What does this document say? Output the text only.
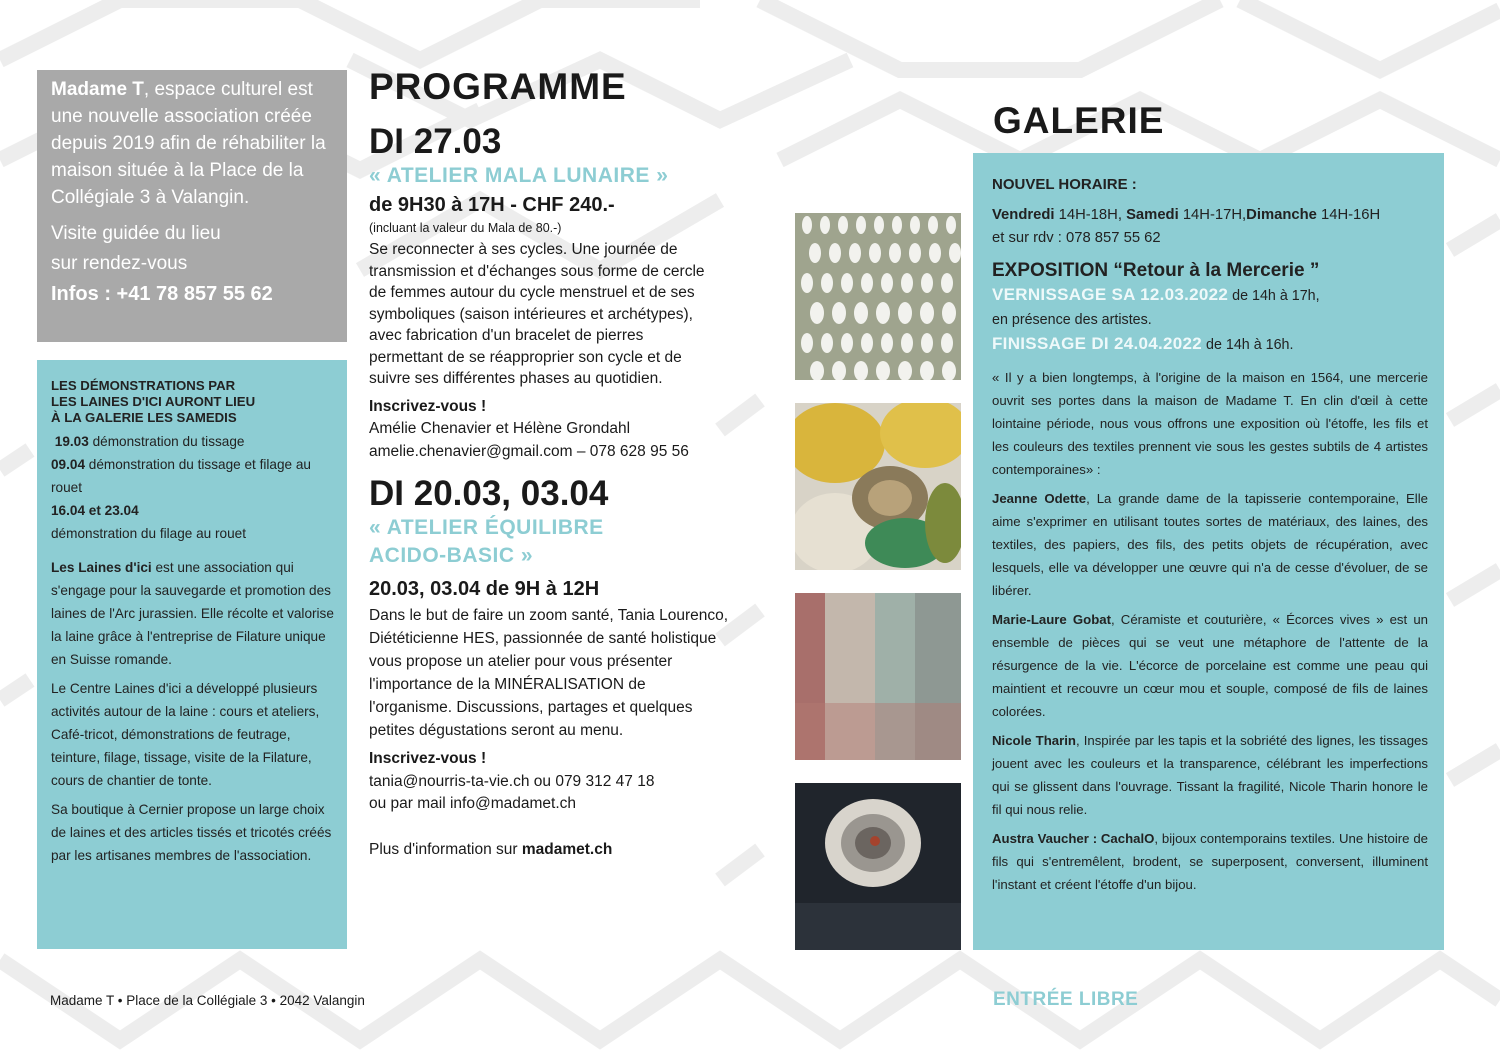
Madame T, espace culturel est une nouvelle association créée depuis 2019 afin de réhabiliter la maison située à la Place de la Collégiale 3 à Valangin.

Visite guidée du lieu
sur rendez-vous
Infos : +41 78 857 55 62

LES DÉMONSTRATIONS PAR
LES LAINES D'ICI AURONT LIEU
À LA GALERIE LES SAMEDIS
19.03 démonstration du tissage
09.04 démonstration du tissage et filage au rouet
16.04 et 23.04
démonstration du filage au rouet

Les Laines d'ici est une association qui s'engage pour la sauvegarde et promotion des laines de l'Arc jurassien. Elle récolte et valorise la laine grâce à l'entreprise de Filature unique en Suisse romande.

Le Centre Laines d'ici a développé plusieurs activités autour de la laine : cours et ateliers, Café-tricot, démonstrations de feutrage, teinture, filage, tissage, visite de la Filature, cours de chantier de tonte.

Sa boutique à Cernier propose un large choix de laines et des articles tissés et tricotés créés par les artisanes membres de l'association.

Madame T • Place de la Collégiale 3 • 2042 Valangin
PROGRAMME
DI 27.03
« ATELIER MALA LUNAIRE »
de 9H30 à 17H - CHF 240.-
(incluant la valeur du Mala de 80.-)
Se reconnecter à ses cycles. Une journée de transmission et d'échanges sous forme de cercle de femmes autour du cycle menstruel et de ses symboliques (saison intérieures et archétypes), avec fabrication d'un bracelet de pierres permettant de se réapproprier son cycle et de suivre ses différentes phases au quotidien.
Inscrivez-vous !
Amélie Chenavier et Hélène Grondahl
amelie.chenavier@gmail.com – 078 628 95 56
DI 20.03, 03.04
« ATELIER ÉQUILIBRE
ACIDO-BASIC »
20.03, 03.04 de 9H à 12H
Dans le but de faire un zoom santé, Tania Lourenco, Diététicienne HES, passionnée de santé holistique vous propose un atelier pour vous présenter l'importance de la MINÉRALISATION de l'organisme. Discussions, partages et quelques petites dégustations seront au menu.
Inscrivez-vous !
tania@nourris-ta-vie.ch ou 079 312 47 18
ou par mail info@madamet.ch
Plus d'information sur madamet.ch
GALERIE
NOUVEL HORAIRE :
Vendredi 14H-18H, Samedi 14H-17H,Dimanche 14H-16H
et sur rdv : 078 857 55 62
EXPOSITION “Retour à la Mercerie ”
VERNISSAGE SA 12.03.2022 de 14h à 17h,
en présence des artistes.
FINISSAGE DI 24.04.2022 de 14h à 16h.

« Il y a bien longtemps, à l'origine de la maison en 1564, une mercerie ouvrit ses portes dans la maison de Madame T. En clin d'œil à cette lointaine période, nous vous offrons une exposition où l'étoffe, les fils et les couleurs des textiles prennent vie sous les gestes subtils de 4 artistes contemporaines» :

Jeanne Odette, La grande dame de la tapisserie contemporaine, Elle aime s'exprimer en utilisant toutes sortes de matériaux, des laines, des textiles, des papiers, des fils, des petits objets de récupération, avec lesquels, elle va développer une œuvre qui n'a de cesse d'évoluer, de se libérer.

Marie-Laure Gobat, Céramiste et couturière, « Écorces vives » est un ensemble de pièces qui se veut une métaphore de l'attente de la résurgence de la vie. L'écorce de porcelaine est comme une peau qui maintient et recouvre un cœur mou et souple, composé de fils de laines colorées.

Nicole Tharin, Inspirée par les tapis et la sobriété des lignes, les tissages jouent avec les couleurs et la transparence, célébrant les imperfections qui se glissent dans l'ouvrage. Tissant la fragilité, Nicole Tharin honore le fil qui nous relie.

Austra Vaucher : CachalO, bijoux contemporains textiles. Une histoire de fils qui s'entremêlent, brodent, se superposent, conversent, illuminent l'instant et créent l'étoffe d'un bijou.

ENTRÉE LIBRE
